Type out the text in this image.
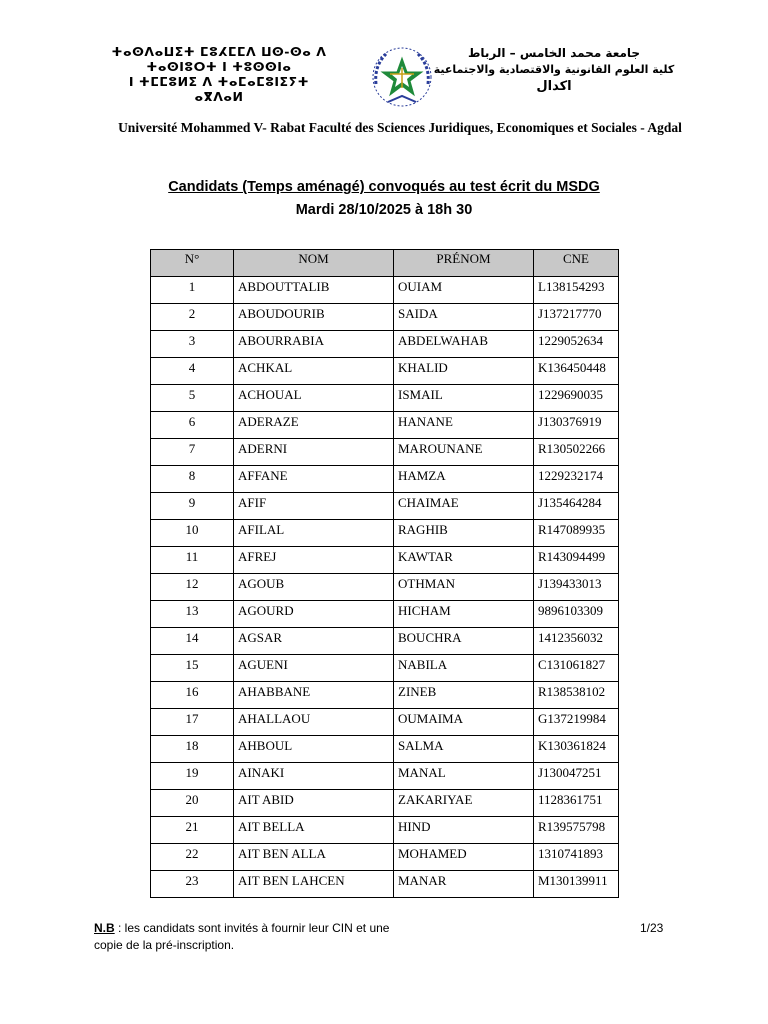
ⵜⴰⵙⴷⴰⵡⵉⵜ ⵎⵓⵃⵎⵎⴷ ⵡⵙ-ⵙⴰ ⴷ
ⵜⴰⵙⵏⵓⵔⵜ ⵏ ⵜⵓⵙⵙⵏⴰ
ⵏ ⵜⵎⵎⵓⵍⵉ ⴷ ⵜⴰⵎⴰⵎⵓⵏⵉⵢⵜ
ⴰⴳⴷⴰⵍ
جامعة محمد الخامس – الرباط
كلية العلوم القانونية والاقتصادية والاجتماعية
اكدال
Université Mohammed V- Rabat Faculté des Sciences Juridiques, Economiques et Sociales - Agdal
Candidats (Temps aménagé) convoqués au test écrit du MSDG
Mardi 28/10/2025 à 18h 30
N°	NOM	PRÉNOM	CNE
1	ABDOUTTALIB	OUIAM	L138154293
2	ABOUDOURIB	SAIDA	J137217770
3	ABOURRABIA	ABDELWAHAB	1229052634
4	ACHKAL	KHALID	K136450448
5	ACHOUAL	ISMAIL	1229690035
6	ADERAZE	HANANE	J130376919
7	ADERNI	MAROUNANE	R130502266
8	AFFANE	HAMZA	1229232174
9	AFIF	CHAIMAE	J135464284
10	AFILAL	RAGHIB	R147089935
11	AFREJ	KAWTAR	R143094499
12	AGOUB	OTHMAN	J139433013
13	AGOURD	HICHAM	9896103309
14	AGSAR	BOUCHRA	1412356032
15	AGUENI	NABILA	C131061827
16	AHABBANE	ZINEB	R138538102
17	AHALLAOU	OUMAIMA	G137219984
18	AHBOUL	SALMA	K130361824
19	AINAKI	MANAL	J130047251
20	AIT ABID	ZAKARIYAE	1128361751
21	AIT BELLA	HIND	R139575798
22	AIT BEN ALLA	MOHAMED	1310741893
23	AIT BEN LAHCEN	MANAR	M130139911
N.B : les candidats sont invités à fournir leur CIN et une copie de la pré-inscription.
1/23
